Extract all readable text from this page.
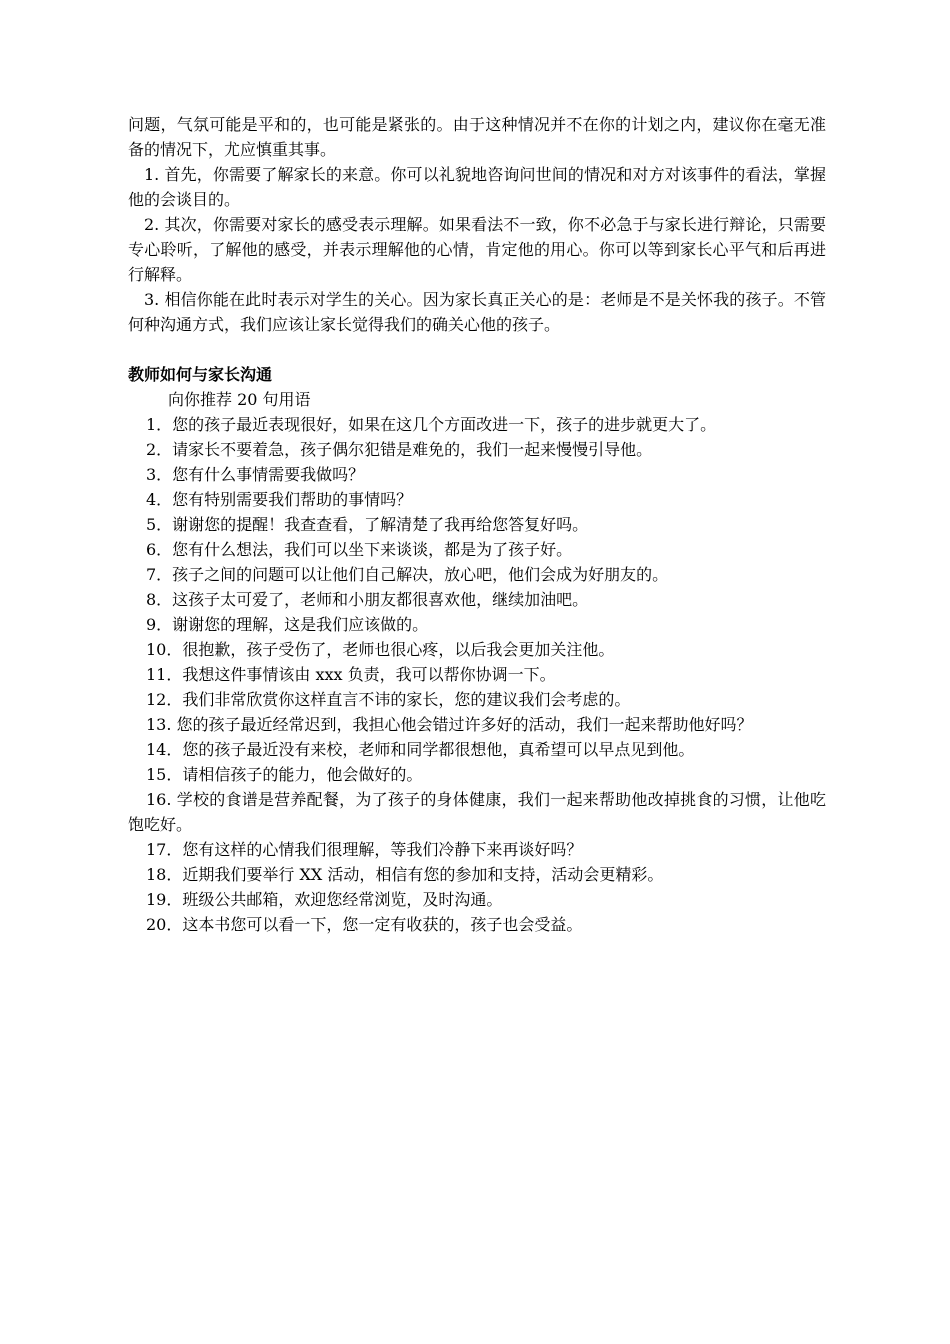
问题，气氛可能是平和的，也可能是紧张的。由于这种情况并不在你的计划之内，建议你在毫无准备的情况下，尤应慎重其事。

1. 首先，你需要了解家长的来意。你可以礼貌地咨询问世间的情况和对方对该事件的看法，掌握他的会谈目的。

2. 其次，你需要对家长的感受表示理解。如果看法不一致，你不必急于与家长进行辩论，只需要专心聆听，了解他的感受，并表示理解他的心情，肯定他的用心。你可以等到家长心平气和后再进行解释。

3. 相信你能在此时表示对学生的关心。因为家长真正关心的是：老师是不是关怀我的孩子。不管何种沟通方式，我们应该让家长觉得我们的确关心他的孩子。

教师如何与家长沟通

向你推荐 20 句用语

1．您的孩子最近表现很好，如果在这几个方面改进一下，孩子的进步就更大了。

2．请家长不要着急，孩子偶尔犯错是难免的，我们一起来慢慢引导他。

3．您有什么事情需要我做吗？

4．您有特别需要我们帮助的事情吗？

5．谢谢您的提醒！我查查看，了解清楚了我再给您答复好吗。

6．您有什么想法，我们可以坐下来谈谈，都是为了孩子好。

7．孩子之间的问题可以让他们自己解决，放心吧，他们会成为好朋友的。

8．这孩子太可爱了，老师和小朋友都很喜欢他，继续加油吧。

9．谢谢您的理解，这是我们应该做的。

10．很抱歉，孩子受伤了，老师也很心疼，以后我会更加关注他。

11．我想这件事情该由 xxx 负责，我可以帮你协调一下。

12．我们非常欣赏你这样直言不讳的家长，您的建议我们会考虑的。

13. 您的孩子最近经常迟到，我担心他会错过许多好的活动，我们一起来帮助他好吗？

14．您的孩子最近没有来校，老师和同学都很想他，真希望可以早点见到他。

15．请相信孩子的能力，他会做好的。

16. 学校的食谱是营养配餐，为了孩子的身体健康，我们一起来帮助他改掉挑食的习惯，让他吃饱吃好。

17．您有这样的心情我们很理解，等我们冷静下来再谈好吗？

18．近期我们要举行 XX 活动，相信有您的参加和支持，活动会更精彩。

19．班级公共邮箱，欢迎您经常浏览，及时沟通。

20．这本书您可以看一下，您一定有收获的，孩子也会受益。
